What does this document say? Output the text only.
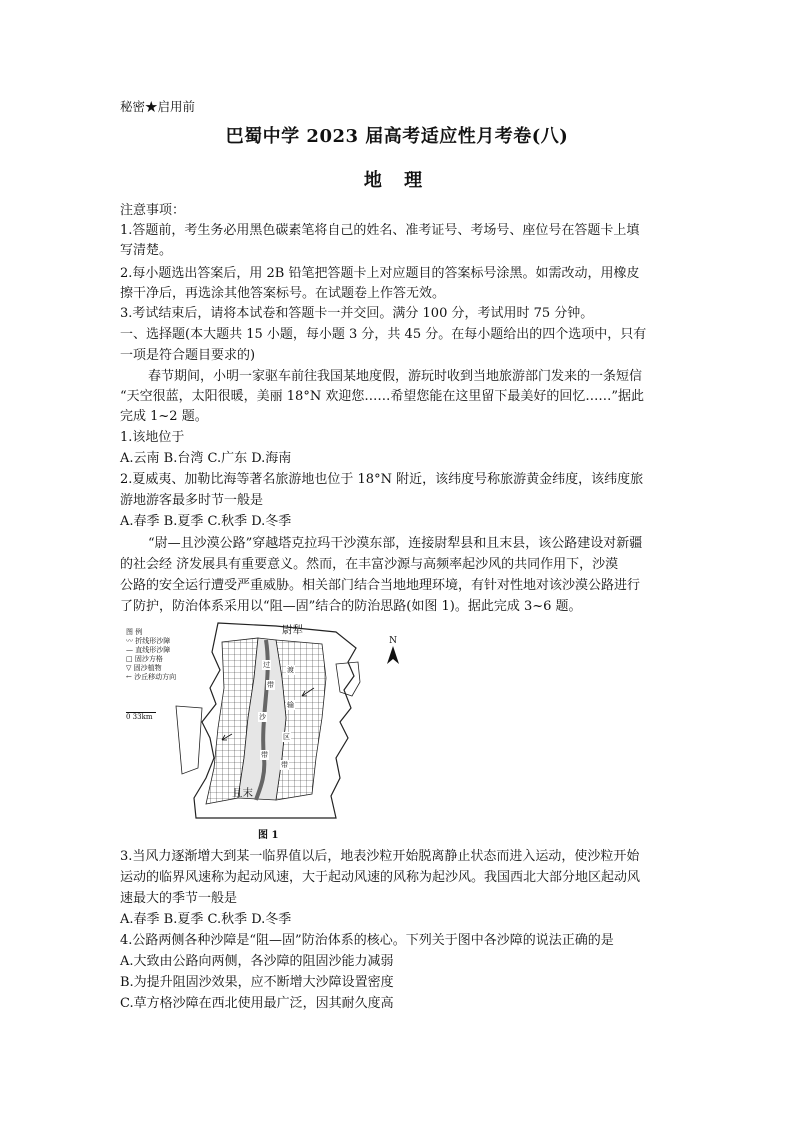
秘密★启用前
巴蜀中学 2023 届高考适应性月考卷(八)
地 理
注意事项：
1.答题前，考生务必用黑色碳素笔将自己的姓名、准考证号、考场号、座位号在答题卡上填
写清楚。
2.每小题选出答案后，用 2B 铅笔把答题卡上对应题目的答案标号涂黑。如需改动，用橡皮
擦干净后，再选涂其他答案标号。在试题卷上作答无效。
3.考试结束后，请将本试卷和答题卡一并交回。满分 100 分，考试用时 75 分钟。
一、选择题(本大题共 15 小题，每小题 3 分，共 45 分。在每小题给出的四个选项中，只有
一项是符合题目要求的)
春节期间，小明一家驱车前往我国某地度假，游玩时收到当地旅游部门发来的一条短信
“天空很蓝，太阳很暖，美丽 18°N 欢迎您……希望您能在这里留下最美好的回忆……”据此
完成 1~2 题。
1.该地位于
A.云南 B.台湾 C.广东 D.海南
2.夏威夷、加勒比海等著名旅游地也位于 18°N 附近，该纬度号称旅游黄金纬度，该纬度旅
游地游客最多时节一般是
A.春季 B.夏季 C.秋季 D.冬季
“尉—且沙漠公路”穿越塔克拉玛干沙漠东部，连接尉犁县和且末县，该公路建设对新疆
的社会经 济发展具有重要意义。然而，在丰富沙源与高频率起沙风的共同作用下，沙漠
公路的安全运行遭受严重威胁。相关部门结合当地地理环境，有针对性地对该沙漠公路进行
了防护，防治体系采用以“阻—固”结合的防治思路(如图 1)。据此完成 3~6 题。
图 例
〰 折线形沙障
— 直线形沙障
□ 固沙方格
▽ 固沙植物
← 沙丘移动方向
0 33km
尉犁
且末
过
渡
带
输
沙
区
带
带
N
图 1
3.当风力逐渐增大到某一临界值以后，地表沙粒开始脱离静止状态而进入运动，使沙粒开始
运动的临界风速称为起动风速，大于起动风速的风称为起沙风。我国西北大部分地区起动风
速最大的季节一般是
A.春季 B.夏季 C.秋季 D.冬季
4.公路两侧各种沙障是“阻—固”防治体系的核心。下列关于图中各沙障的说法正确的是
A.大致由公路向两侧，各沙障的阻固沙能力减弱
B.为提升阻固沙效果，应不断增大沙障设置密度
C.草方格沙障在西北使用最广泛，因其耐久度高
